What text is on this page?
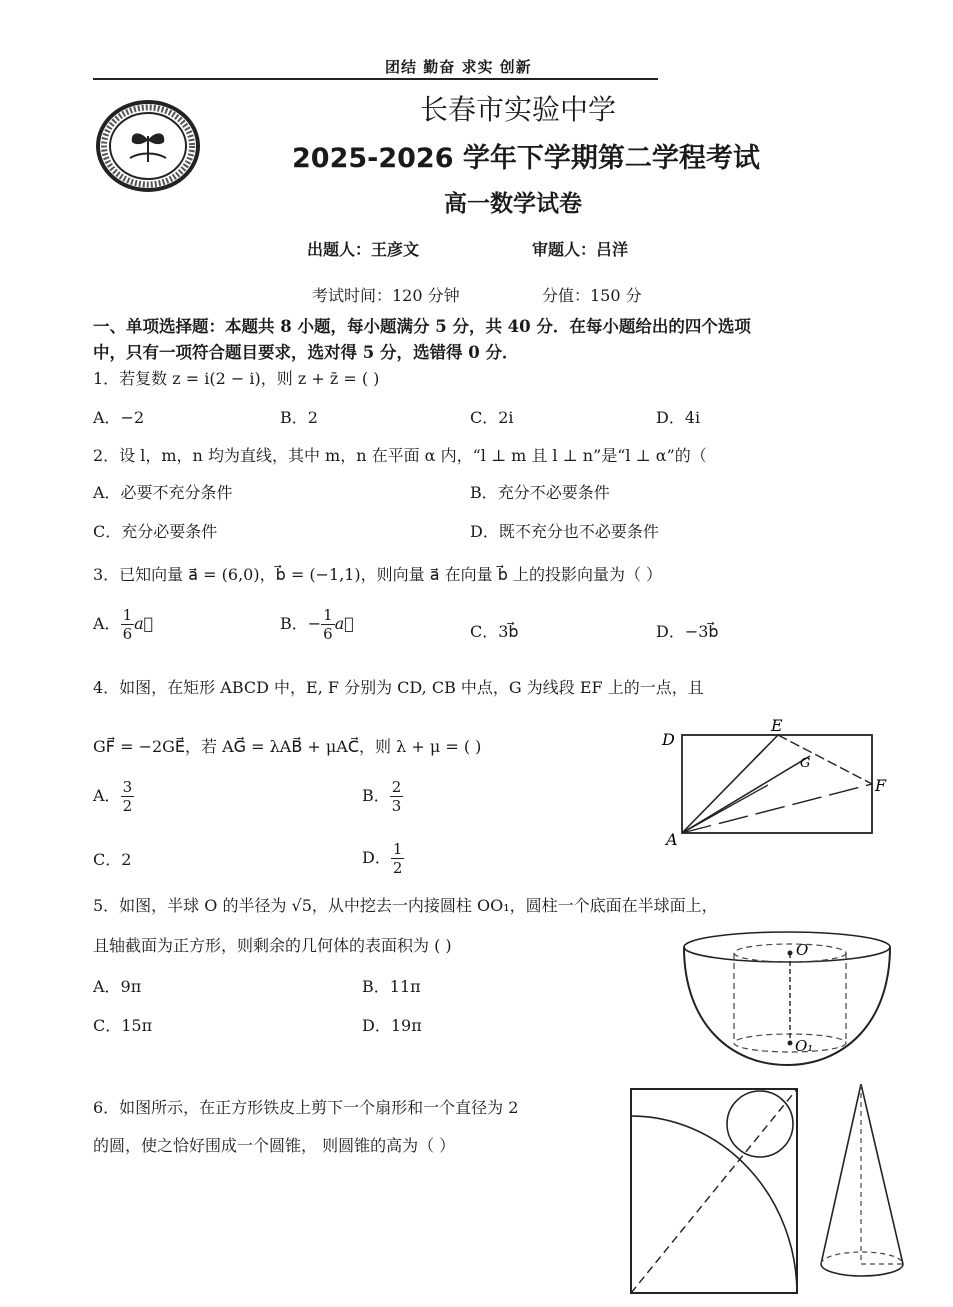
团结 勤奋 求实 创新
长春市实验中学
2025-2026 学年下学期第二学程考试
高一数学试卷
出题人：王彦文	审题人：吕洋
考试时间：120 分钟	分值：150 分
一、单项选择题：本题共 8 小题，每小题满分 5 分，共 40 分．在每小题给出的四个选项
中，只有一项符合题目要求，选对得 5 分，选错得 0 分．
1．若复数 z = i(2 − i)，则 z + z̄ = ( )
A．−2	B．2	C．2i	D．4i
2．设 l，m，n 均为直线，其中 m，n 在平面 α 内，“l ⊥ m 且 l ⊥ n”是“l ⊥ α”的（
A．必要不充分条件	B．充分不必要条件
C．充分必要条件	D．既不充分也不必要条件
3．已知向量 a⃗ = (6,0)，b⃗ = (−1,1)，则向量 a⃗ 在向量 b⃗ 上的投影向量为（ ）
A． $\frac{1}{6}$ a⃗	B．− $\frac{1}{6}$ a⃗	C．3b⃗	D．−3b⃗
4．如图，在矩形 ABCD 中，E, F 分别为 CD, CB 中点，G 为线段 EF 上的一点，且
GF⃗ = −2GE⃗，若 AG⃗ = λAB⃗ + μAC⃗，则 λ + μ = ( )
A． $\frac{3}{2}$	B． $\frac{2}{3}$
C．2	D． $\frac{1}{2}$
D
E
F
A
G
5．如图，半球 O 的半径为 √5，从中挖去一内接圆柱 OO₁，圆柱一个底面在半球面上，
且轴截面为正方形，则剩余的几何体的表面积为 ( )
A．9π	B．11π
C．15π	D．19π
O
O₁
6．如图所示，在正方形铁皮上剪下一个扇形和一个直径为 2
的圆，使之恰好围成一个圆锥， 则圆锥的高为（ ）
